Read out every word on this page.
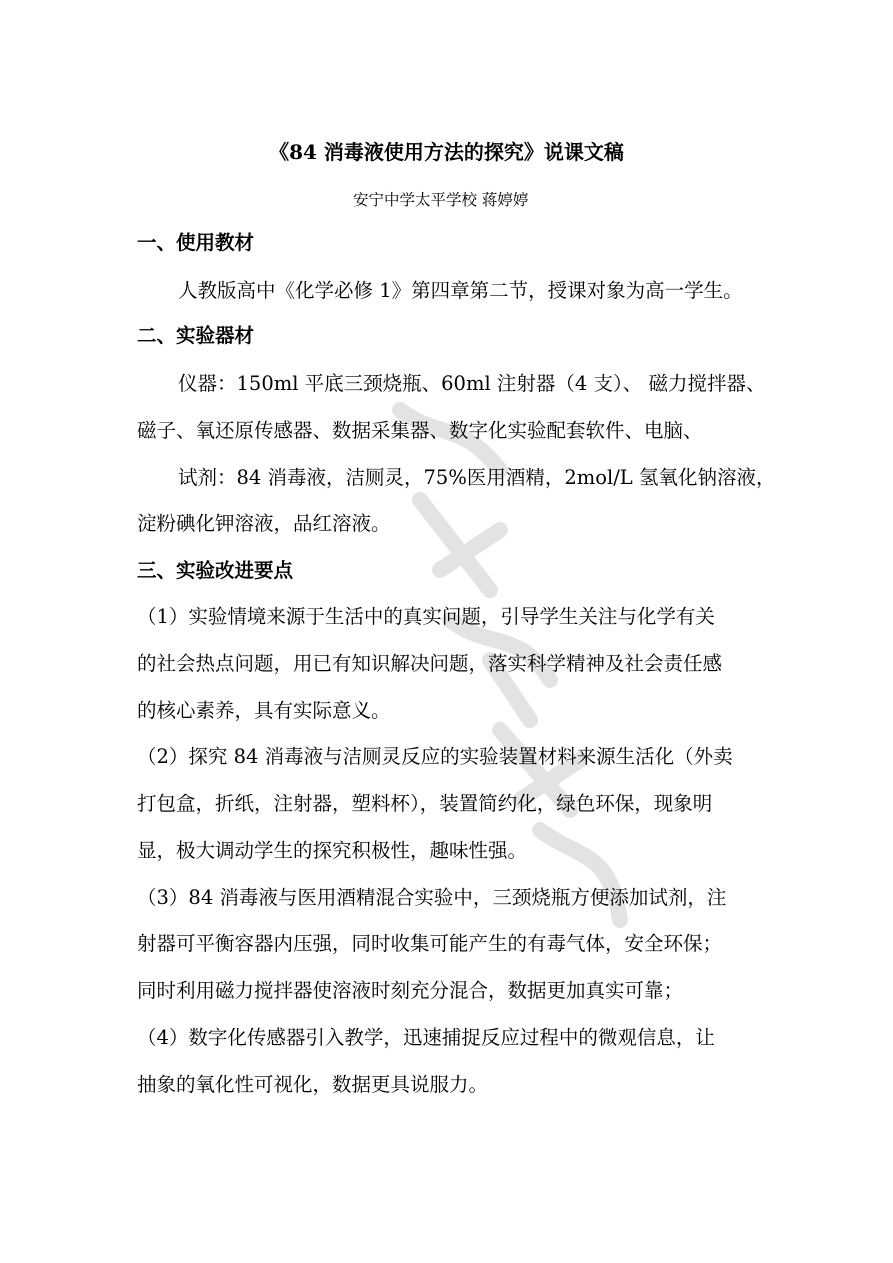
《84 消毒液使用方法的探究》说课文稿
安宁中学太平学校 蒋婷婷
一、使用教材
人教版高中《化学必修 1》第四章第二节，授课对象为高一学生。
二、实验器材
仪器：150ml 平底三颈烧瓶、60ml 注射器（4 支）、 磁力搅拌器、
磁子、氧还原传感器、数据采集器、数字化实验配套软件、电脑、
试剂：84 消毒液，洁厕灵，75%医用酒精，2mol/L 氢氧化钠溶液，
淀粉碘化钾溶液，品红溶液。
三、实验改进要点
（1）实验情境来源于生活中的真实问题，引导学生关注与化学有关
的社会热点问题，用已有知识解决问题，落实科学精神及社会责任感
的核心素养，具有实际意义。
（2）探究 84 消毒液与洁厕灵反应的实验装置材料来源生活化（外卖
打包盒，折纸，注射器，塑料杯），装置简约化，绿色环保，现象明
显，极大调动学生的探究积极性，趣味性强。
（3）84 消毒液与医用酒精混合实验中，三颈烧瓶方便添加试剂，注
射器可平衡容器内压强，同时收集可能产生的有毒气体，安全环保；
同时利用磁力搅拌器使溶液时刻充分混合，数据更加真实可靠；
（4）数字化传感器引入教学，迅速捕捉反应过程中的微观信息，让
抽象的氧化性可视化，数据更具说服力。
